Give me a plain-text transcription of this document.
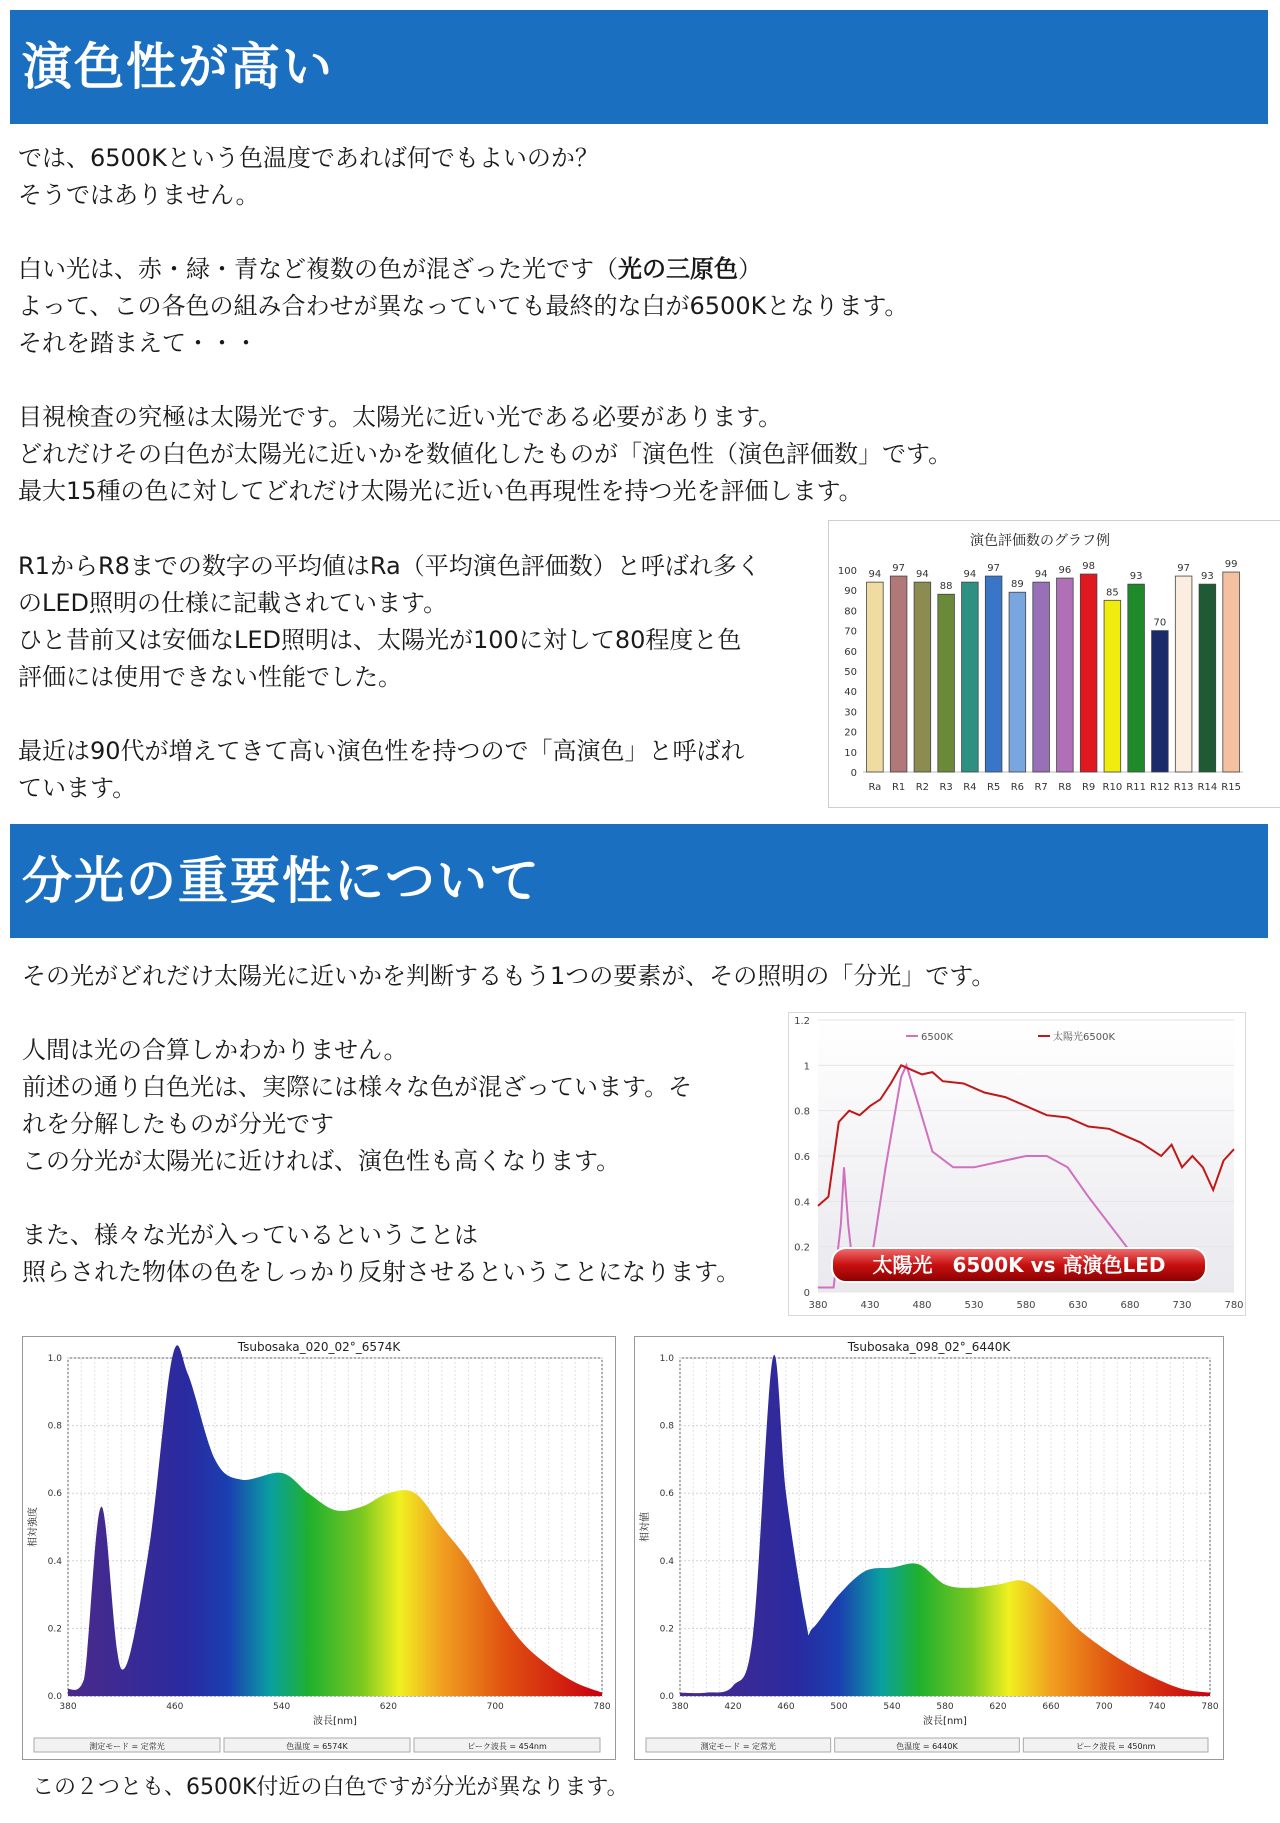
演色性が高い

では、6500Kという色温度であれば何でもよいのか？

そうではありません。

白い光は、赤・緑・青など複数の色が混ざった光です（光の三原色）

よって、この各色の組み合わせが異なっていても最終的な白が6500Kとなります。

それを踏まえて・・・

目視検査の究極は太陽光です。太陽光に近い光である必要があります。

どれだけその白色が太陽光に近いかを数値化したものが「演色性（演色評価数」です。

最大15種の色に対してどれだけ太陽光に近い色再現性を持つ光を評価します。

R1からR8までの数字の平均値はRa（平均演色評価数）と呼ばれ多く

のLED照明の仕様に記載されています。

ひと昔前又は安価なLED照明は、太陽光が100に対して80程度と色

評価には使用できない性能でした。

最近は90代が増えてきて高い演色性を持つので「高演色」と呼ばれ

ています。

演色評価数のグラフ例
0
10
20
30
40
50
60
70
80
90
100 94
Ra
97
R1
94
R2
88
R3
94
R4
97
R5
89
R6
94
R7
96
R8
98
R9
85
R10
93
R11
70
R12
97
R13
93
R14
99
R15
分光の重要性について
その光がどれだけ太陽光に近いかを判断するもう1つの要素が、その照明の「分光」です。

人間は光の合算しかわかりません。

前述の通り白色光は、実際には様々な色が混ざっています。そ

れを分解したものが分光です

この分光が太陽光に近ければ、演色性も高くなります。

また、様々な光が入っているということは

照らされた物体の色をしっかり反射させるということになります。

0
0.2
0.4
0.6
0.8
1
1.2
380	430	480	530	580	630	680	730	780
6500K	太陽光6500K
太陽光　6500K vs 高演色LED
Tsubosaka_020_02°_6574K
0.0
0.2
0.4
0.6
0.8
1.0
380	460	540	620	700	780
波長[nm]
相対強度
測定モード = 定常光	色温度 = 6574K	ピーク波長 = 454nm
Tsubosaka_098_02°_6440K
0.0
0.2
0.4
0.6
0.8
1.0
380	420	460	500	540	580	620	660	700	740	780
波長[nm]
相対値
測定モード = 定常光	色温度 = 6440K	ピーク波長 = 450nm
この２つとも、6500K付近の白色ですが分光が異なります。
